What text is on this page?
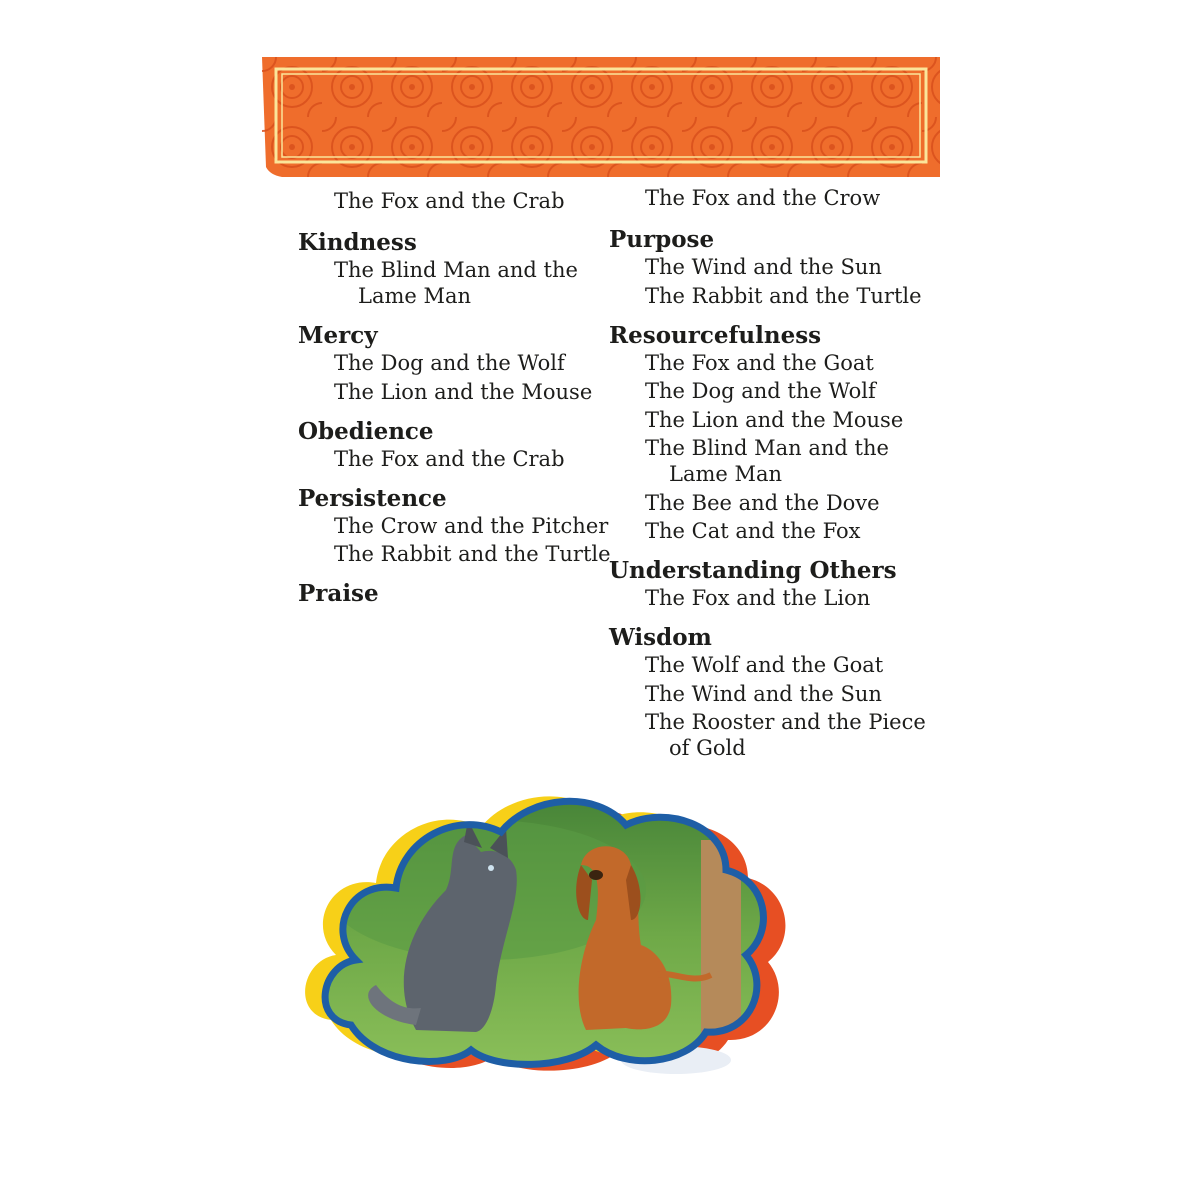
The Fox and the Crab

Kindness

The Blind Man and the Lame Man

Mercy

The Dog and the Wolf

The Lion and the Mouse

Obedience

The Fox and the Crab

Persistence

The Crow and the Pitcher

The Rabbit and the Turtle

Praise

The Fox and the Crow

Purpose

The Wind and the Sun

The Rabbit and the Turtle

Resourcefulness

The Fox and the Goat

The Dog and the Wolf

The Lion and the Mouse

The Blind Man and the Lame Man

The Bee and the Dove

The Cat and the Fox

Understanding Others

The Fox and the Lion

Wisdom

The Wolf and the Goat

The Wind and the Sun

The Rooster and the Piece of Gold
